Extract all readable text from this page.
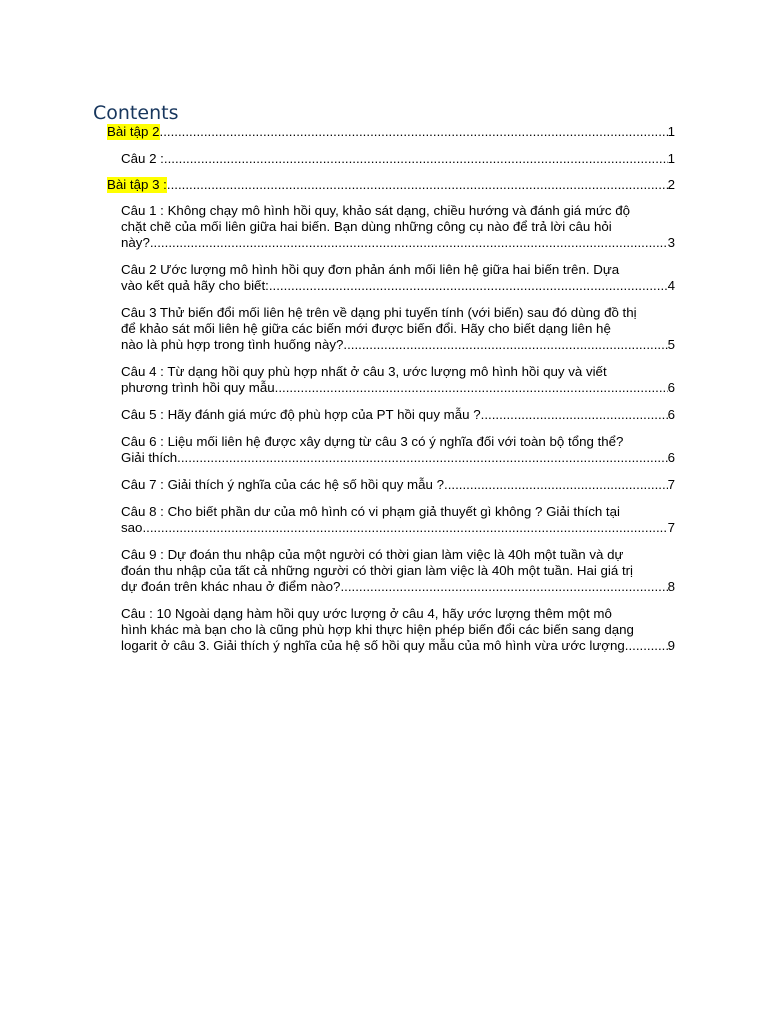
Contents
Bài tập 2 .....	1
Câu 2 : .....	1
Bài tập 3 : .....	2
Câu 1 : Không chạy mô hình hồi quy, khảo sát dạng, chiều hướng và đánh giá mức độ
chặt chẽ của mối liên giữa hai biến. Bạn dùng những công cụ nào để trả lời câu hỏi
này? .....	3
Câu 2 Ước lượng mô hình hồi quy đơn phản ánh mối liên hệ giữa hai biến trên. Dựa
vào kết quả hãy cho biết: .....	4
Câu 3 Thử biến đổi mối liên hệ trên về dạng phi tuyến tính (với biến) sau đó dùng đồ thị
để khảo sát mối liên hệ giữa các biến mới được biến đổi. Hãy cho biết dạng liên hệ
nào là phù hợp trong tình huống này? .....	5
Câu 4 : Từ dạng hồi quy phù hợp nhất ở câu 3, ước lượng mô hình hồi quy và viết
phương trình hồi quy mẫu .....	6
Câu 5 : Hãy đánh giá mức độ phù hợp của PT hồi quy mẫu ? .....	6
Câu 6 : Liệu mối liên hệ được xây dựng từ câu 3 có ý nghĩa đối với toàn bộ tổng thể?
Giải thích .....	6
Câu 7 : Giải thích ý nghĩa của các hệ số hồi quy mẫu ? .....	7
Câu 8 : Cho biết phần dư của mô hình có vi phạm giả thuyết gì không ? Giải thích tại
sao .....	7
Câu 9 : Dự đoán thu nhập của một người có thời gian làm việc là 40h một tuần và dự
đoán thu nhập của tất cả những người có thời gian làm việc là 40h một tuần. Hai giá trị
dự đoán trên khác nhau ở điểm nào? .....	8
Câu : 10 Ngoài dạng hàm hồi quy ước lượng ở câu 4, hãy ước lượng thêm một mô
hình khác mà bạn cho là cũng phù hợp khi thực hiện phép biến đổi các biến sang dạng
logarit ở câu 3. Giải thích ý nghĩa của hệ số hồi quy mẫu của mô hình vừa ước lượng. .....	9
